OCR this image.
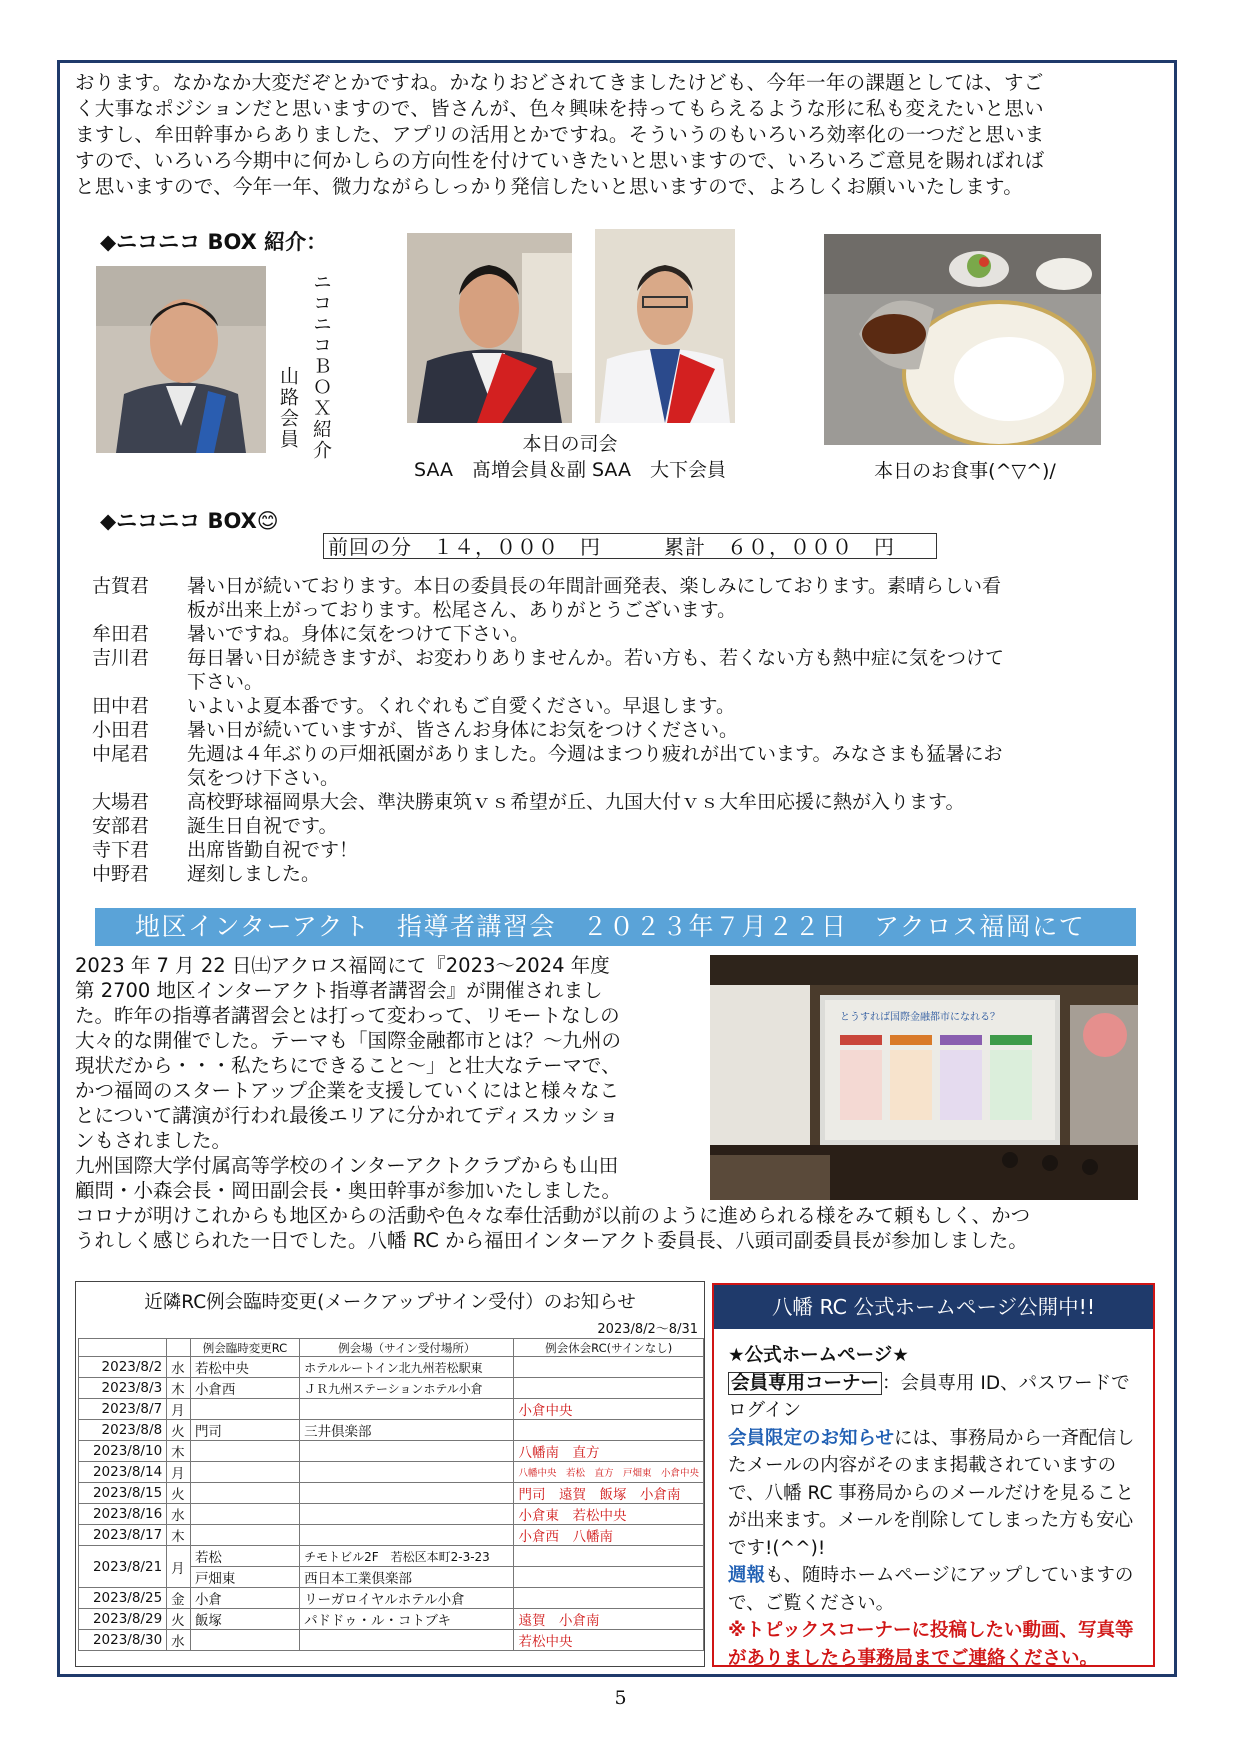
おります。なかなか大変だぞとかですね。かなりおどされてきましたけども、今年一年の課題としては、すご

く大事なポジションだと思いますので、皆さんが、色々興味を持ってもらえるような形に私も変えたいと思い

ますし、牟田幹事からありました、アプリの活用とかですね。そういうのもいろいろ効率化の一つだと思いま

すので、いろいろ今期中に何かしらの方向性を付けていきたいと思いますので、いろいろご意見を賜ればれば

と思いますので、今年一年、微力ながらしっかり発信したいと思いますので、よろしくお願いいたします。

◆ニコニコ BOX 紹介：
ニコニコＢＯＸ紹介
山路会員	本日の司会
SAA　髙増会員＆副 SAA　大下会員	本日のお食事(^▽^)/
◆ニコニコ BOX😊
前回の分　１４，０００　円　　　累計　６０，０００　円
古賀君	暑い日が続いております。本日の委員長の年間計画発表、楽しみにしております。素晴らしい看
板が出来上がっております。松尾さん、ありがとうございます。
牟田君	暑いですね。身体に気をつけて下さい。
吉川君	毎日暑い日が続きますが、お変わりありませんか。若い方も、若くない方も熱中症に気をつけて
下さい。
田中君	いよいよ夏本番です。くれぐれもご自愛ください。早退します。
小田君	暑い日が続いていますが、皆さんお身体にお気をつけください。
中尾君	先週は４年ぶりの戸畑祇園がありました。今週はまつり疲れが出ています。みなさまも猛暑にお
気をつけ下さい。
大場君	高校野球福岡県大会、準決勝東筑ｖｓ希望が丘、九国大付ｖｓ大牟田応援に熱が入ります。
安部君	誕生日自祝です。
寺下君	出席皆勤自祝です！
中野君	遅刻しました。
地区インターアクト　指導者講習会　２０２３年７月２２日　アクロス福岡にて
2023 年 7 月 22 日㈯アクロス福岡にて『2023～2024 年度
第 2700 地区インターアクト指導者講習会』が開催されまし
た。昨年の指導者講習会とは打って変わって、リモートなしの
大々的な開催でした。テーマも「国際金融都市とは？～九州の
現状だから・・・私たちにできること～」と壮大なテーマで、
かつ福岡のスタートアップ企業を支援していくにはと様々なこ
とについて講演が行われ最後エリアに分かれてディスカッショ
ンもされました。
九州国際大学付属高等学校のインターアクトクラブからも山田
顧問・小森会長・岡田副会長・奥田幹事が参加いたしました。
とうすれば国際金融都市になれる？
コロナが明けこれからも地区からの活動や色々な奉仕活動が以前のように進められる様をみて頼もしく、かつ
うれしく感じられた一日でした。八幡 RC から福田インターアクト委員長、八頭司副委員長が参加しました。
近隣RC例会臨時変更(メークアップサイン受付）のお知らせ
2023/8/2～8/31
		例会臨時変更RC	例会場（サイン受付場所）	例会休会RC(サインなし)
2023/8/2	水	若松中央	ホテルルートイン北九州若松駅東	
2023/8/3	木	小倉西	ＪＲ九州ステーションホテル小倉	
2023/8/7	月			小倉中央
2023/8/8	火	門司	三井倶楽部	
2023/8/10	木			八幡南　直方
2023/8/14	月			八幡中央　若松　直方　戸畑東　小倉中央
2023/8/15	火			門司　遠賀　飯塚　小倉南
2023/8/16	水			小倉東　若松中央
2023/8/17	木			小倉西　八幡南
2023/8/21	月	若松	チモトビル2F　若松区本町2-3-23	
		戸畑東	西日本工業倶楽部	
2023/8/25	金	小倉	リーガロイヤルホテル小倉	
2023/8/29	火	飯塚	パドドゥ・ル・コトブキ	遠賀　小倉南
2023/8/30	水			若松中央
八幡 RC 公式ホームページ公開中!!
★公式ホームページ★
会員専用コーナー ：会員専用 ID、パスワードで
ログイン
会員限定のお知らせには、事務局から一斉配信し
たメールの内容がそのまま掲載されていますの
で、八幡 RC 事務局からのメールだけを見ること
が出来ます。メールを削除してしまった方も安心
です!(^^)!
週報も、随時ホームページにアップしていますの
で、ご覧ください。
※トピックスコーナーに投稿したい動画、写真等
がありましたら事務局までご連絡ください。
5
